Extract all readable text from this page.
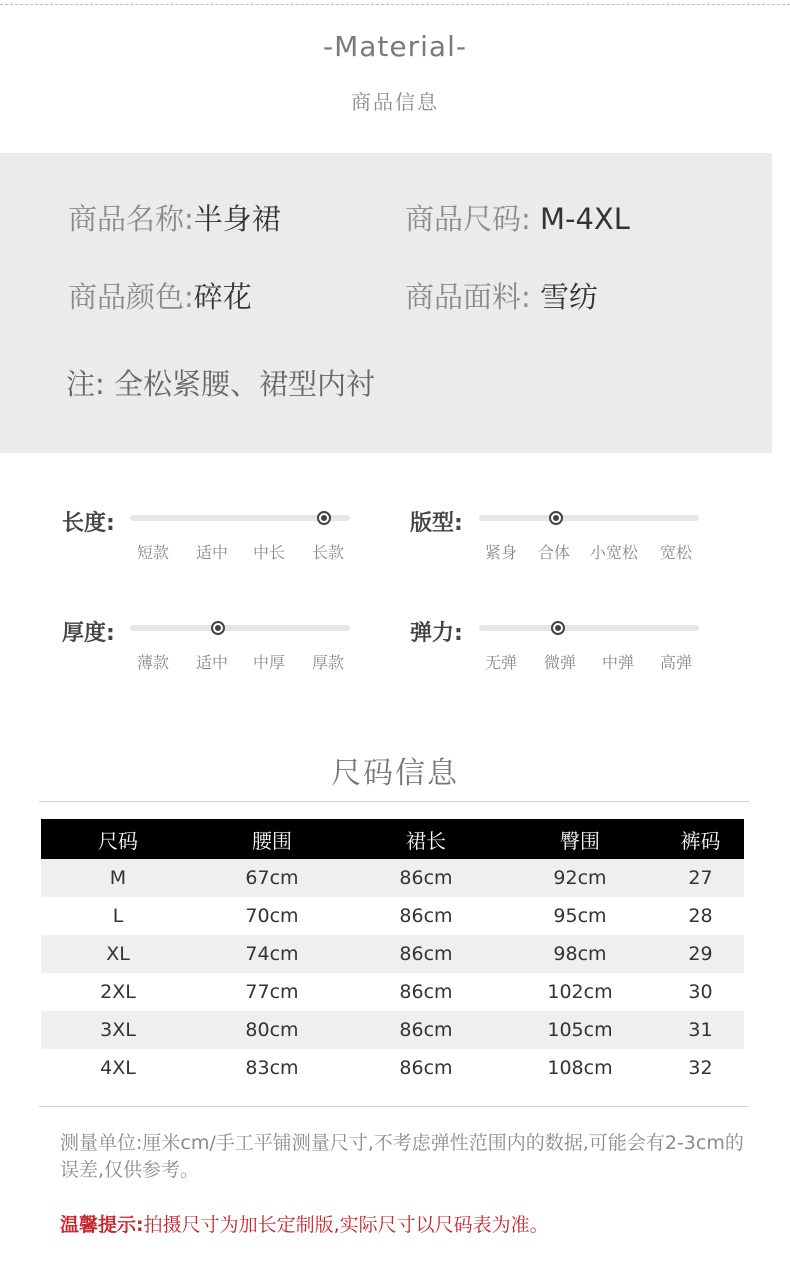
-Material-
商品信息
商品名称:半身裙	商品尺码: M-4XL
商品颜色:碎花	商品面料: 雪纺
注: 全松紧腰、裙型内衬
长度:
短款 适中 中长 长款
版型:
紧身 合体 小宽松 宽松
厚度:
薄款 适中 中厚 厚款
弹力:
无弹 微弹 中弹 高弹
尺码信息
尺码	腰围	裙长	臀围	裤码
M	67cm	86cm	92cm	27
L	70cm	86cm	95cm	28
XL	74cm	86cm	98cm	29
2XL	77cm	86cm	102cm	30
3XL	80cm	86cm	105cm	31
4XL	83cm	86cm	108cm	32
测量单位:厘米cm/手工平铺测量尺寸,不考虑弹性范围内的数据,可能会有2-3cm的误差,仅供参考。
温馨提示:拍摄尺寸为加长定制版,实际尺寸以尺码表为准。
